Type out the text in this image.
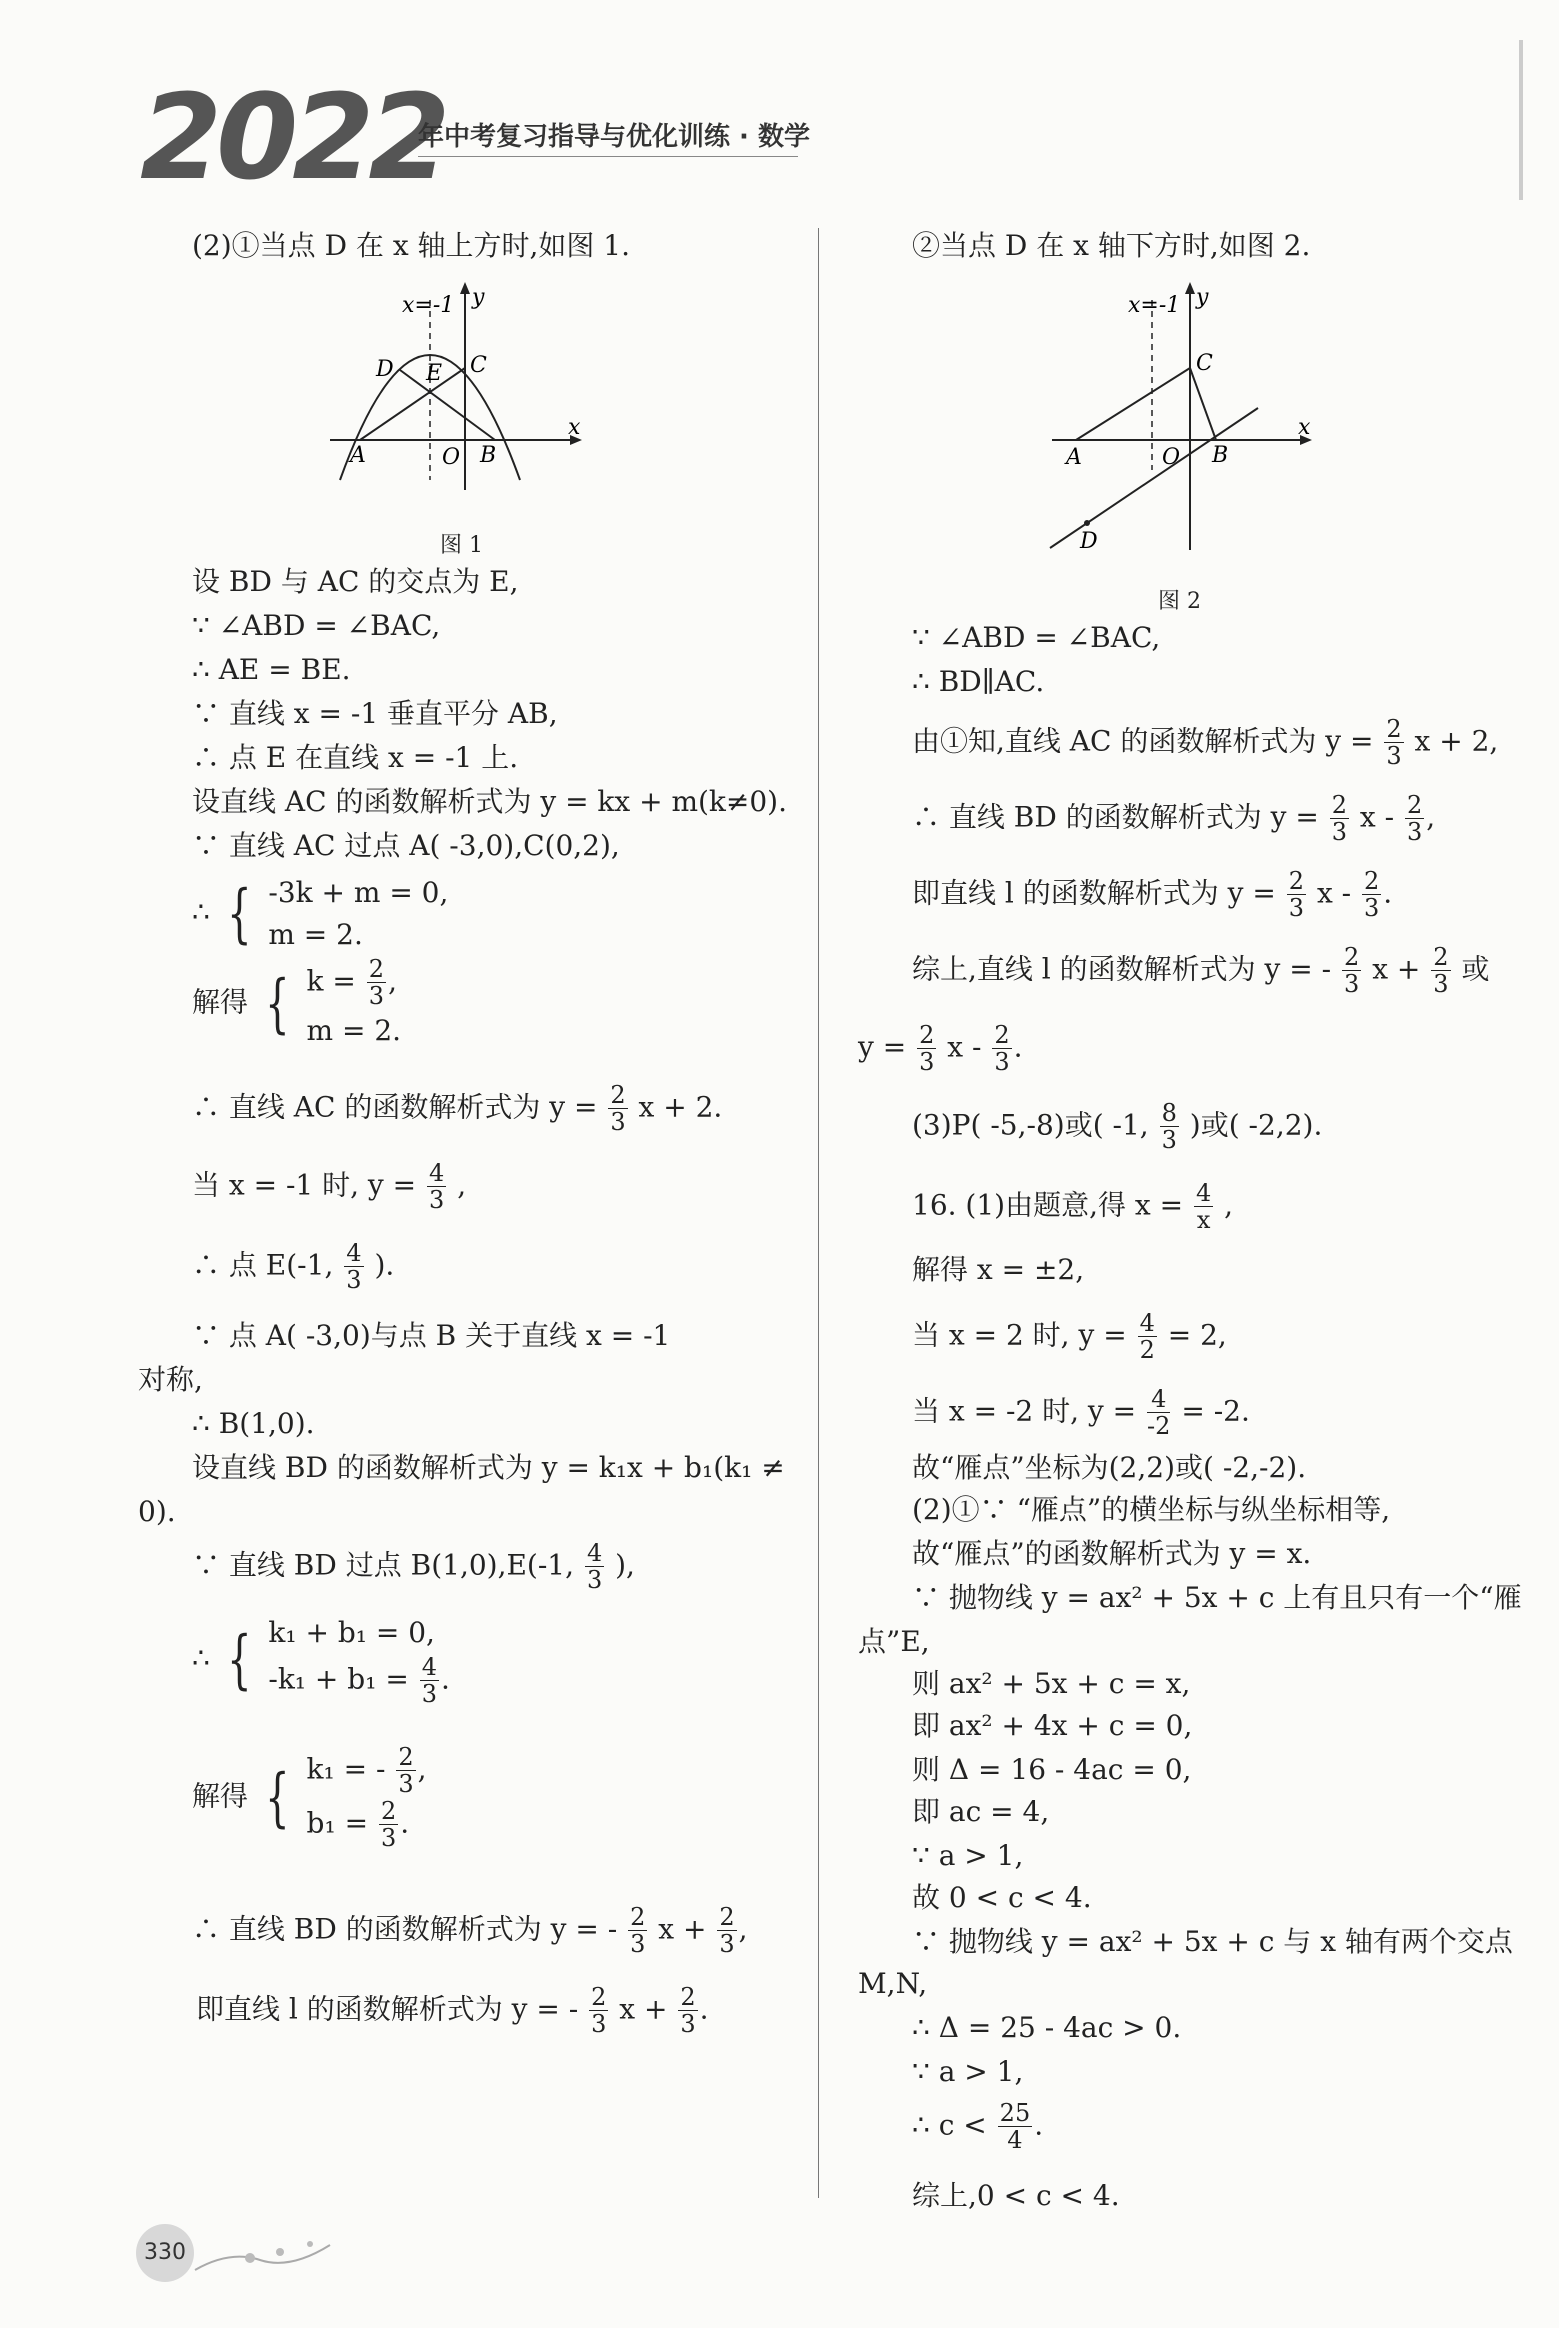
2022
年中考复习指导与优化训练 · 数学
(2)①当点 D 在 x 轴上方时,如图 1.
x=-1 y
x
D E C
A	O B
图 1
设 BD 与 AC 的交点为 E,
∵ ∠ABD = ∠BAC,
∴ AE = BE.
∵ 直线 x = -1 垂直平分 AB,
∴ 点 E 在直线 x = -1 上.
设直线 AC 的函数解析式为 y = kx + m(k≠0).
∵ 直线 AC 过点 A( -3,0),C(0,2),
∴ { -3k + m = 0,
m = 2.
解得 { $k = \frac{2}{3}$ ,
m = 2.
∴ 直线 AC 的函数解析式为 $y = \frac{2}{3}$ x + 2.
当 x = -1 时, $y = \frac{4}{3}$ ,
∴ 点 E(-1, $\frac{4}{3}$ ).
∵ 点 A( -3,0)与点 B 关于直线 x = -1
对称,
∴ B(1,0).
设直线 BD 的函数解析式为 y = k₁x + b₁(k₁ ≠
0).
∵ 直线 BD 过点 B(1,0),E(-1, $\frac{4}{3}$ ),
∴ { k₁ + b₁ = 0,
$-k_1 + b_1 = \frac{4}{3}$ .
解得 { k₁ = - $\frac{2}{3}$ ,
$b_1 = \frac{2}{3}$ .
∴ 直线 BD 的函数解析式为 y = - $\frac{2}{3}$ $x + \frac{2}{3}$ ,
即直线 l 的函数解析式为 y = - $\frac{2}{3}$ $x + \frac{2}{3}$ .
②当点 D 在 x 轴下方时,如图 2.
x=-1 y
x
C
A	O B
D
图 2
∵ ∠ABD = ∠BAC,
∴ BD∥AC.
由①知,直线 AC 的函数解析式为 $y = \frac{2}{3}$ x + 2,
∴ 直线 BD 的函数解析式为 $y = \frac{2}{3}$ x - $\frac{2}{3}$ ,
即直线 l 的函数解析式为 $y = \frac{2}{3}$ x - $\frac{2}{3}$ .
综上,直线 l 的函数解析式为 y = - $\frac{2}{3}$ $x + \frac{2}{3}$ 或
$y = \frac{2}{3}$ x - $\frac{2}{3}$ .
(3)P( -5,-8)或( -1, $\frac{8}{3}$ )或( -2,2).
16. (1)由题意,得 $x = \frac{4}{x}$ ,
解得 x = ±2,
当 x = 2 时, $y = \frac{4}{2} = 2$,
当 x = -2 时, $y = \frac{4}{-2} = -2$.
故“雁点”坐标为(2,2)或( -2,-2).
(2)①∵ “雁点”的横坐标与纵坐标相等,
故“雁点”的函数解析式为 y = x.
∵ 抛物线 y = ax² + 5x + c 上有且只有一个“雁
点”E,
则 ax² + 5x + c = x,
即 ax² + 4x + c = 0,
则 Δ = 16 - 4ac = 0,
即 ac = 4,
∵ a > 1,
故 0 < c < 4.
∵ 抛物线 y = ax² + 5x + c 与 x 轴有两个交点
M,N,
∴ Δ = 25 - 4ac > 0.
∵ a > 1,
∴ $c < \frac{25}{4}$ .
综上,0 < c < 4.
330
